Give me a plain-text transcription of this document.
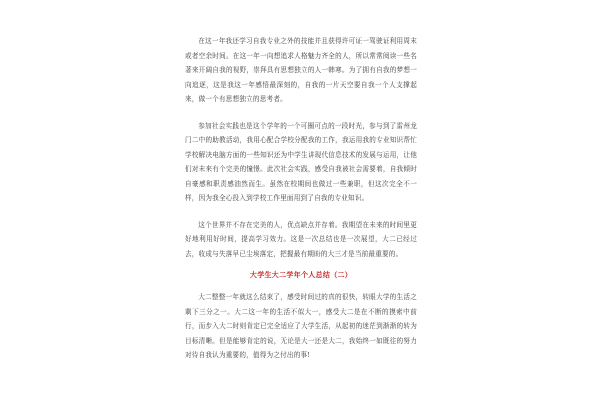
在这一年我还学习自我专业之外的技能并且获得许可证一驾驶证利用周末或者空余时间。在这一年一向想追求人格魅力齐全的人，所以常常阅读一些名著来开阔自我的视野，崇拜具有思想独立的人一韩寒。为了拥有自我的梦想一向追逐，这是我这一年感悟最深刻的，自我的一片天空要自我一个人支撑起来，做一个有思想独立的思考者。

参加社会实践也是这个学年的一个可圈可点的一段时光，参与到了雷州龙门二中的助教活动，我用心配合学校分配我的工作，我运用我的专业知识帮忙学校解决电脑方面的一些知识还为中学生讲现代信息技术的发展与运用，让他们对未来有个完美的憧憬。此次社会实践，感受自我被社会需要着，自我倾时自豪感和职责感油然而生。虽然在校期间也做过一些兼职，但这次完全不一样，因为我全心投入到学校工作里面用到了自我的专业知识。

这个世界并不存在完美的人，优点缺点并存着。我期望在未来的时间里更好地利用好时间，提高学习效力。这是一次总结也是一次展望，大二已经过去，收成与失落早已尘埃落定，把握最有期盼的大三才是当前最重要的。

大学生大二学年个人总结（二）

大二整整一年就这么结束了，感受时间过的真的很快，转眼大学的生活之剩下三分之一。大二这一年的生活不似大一，感受大二是在不断的摸索中前行，而步入大二时则肯定已完全适应了大学生活，从起初的迷茫到渐渐的转为目标清晰。但是能够肯定的说，无论是大一还是大二，我始终一如既往的努力对待自我认为重要的，值得为之付出的事!
